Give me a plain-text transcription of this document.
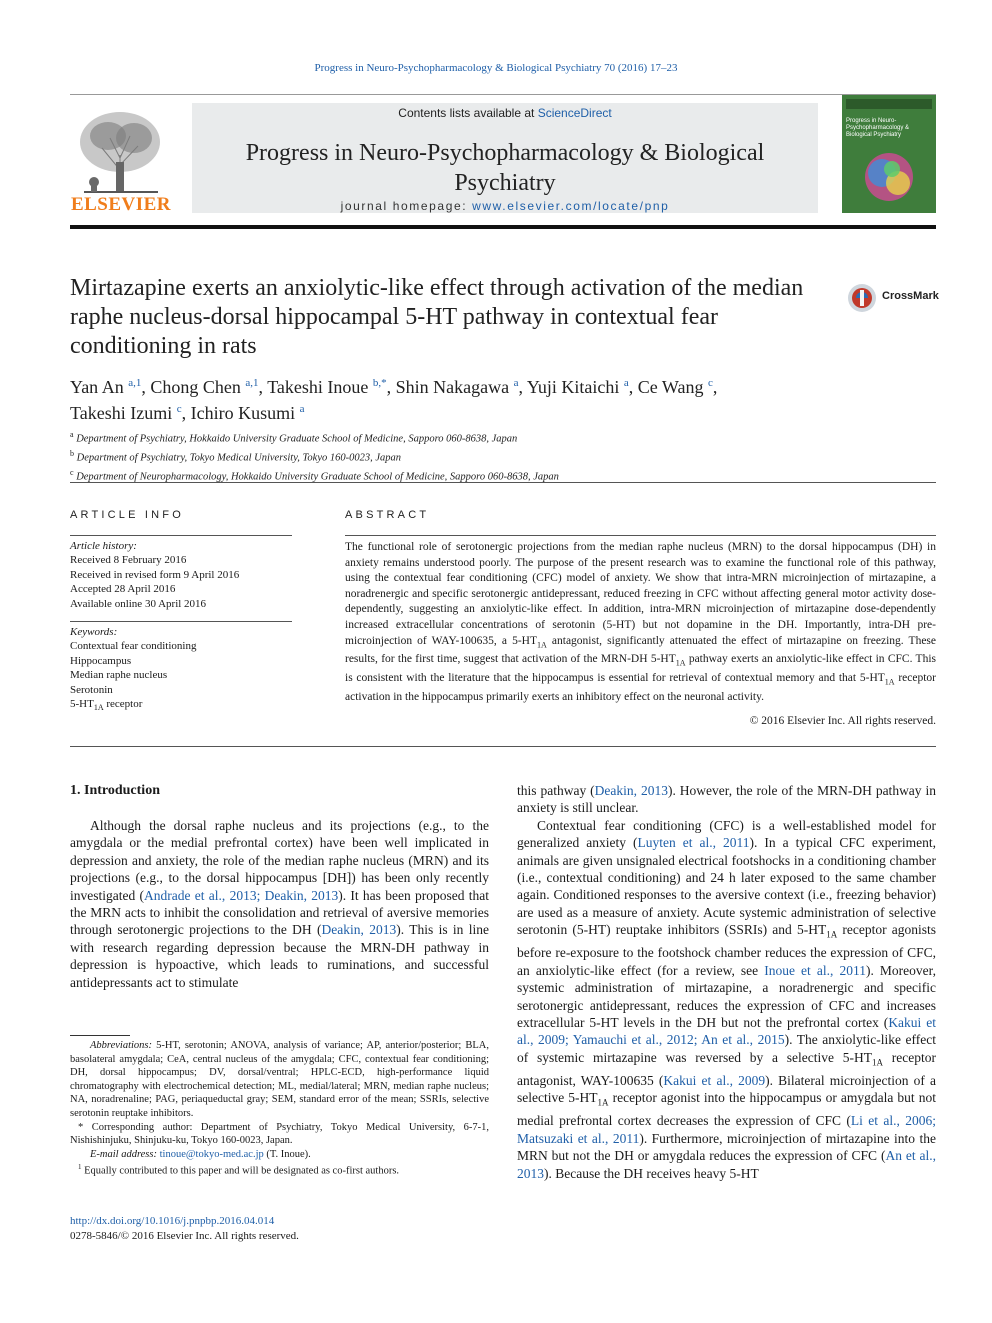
Progress in Neuro-Psychopharmacology & Biological Psychiatry 70 (2016) 17–23
ELSEVIER
Contents lists available at ScienceDirect
Progress in Neuro-Psychopharmacology & Biological Psychiatry
journal homepage: www.elsevier.com/locate/pnp
Progress in Neuro-Psychopharmacology & Biological Psychiatry
Mirtazapine exerts an anxiolytic-like effect through activation of the median raphe nucleus-dorsal hippocampal 5-HT pathway in contextual fear conditioning in rats
CrossMark
Yan An $^{a,1}$, Chong Chen $^{a,1}$, Takeshi Inoue $^{b,*}$, Shin Nakagawa $^a$, Yuji Kitaichi $^a$, Ce Wang $^c$,
Takeshi Izumi $^c$, Ichiro Kusumi $^a$
$^a$ Department of Psychiatry, Hokkaido University Graduate School of Medicine, Sapporo 060-8638, Japan
$^b$ Department of Psychiatry, Tokyo Medical University, Tokyo 160-0023, Japan
$^c$ Department of Neuropharmacology, Hokkaido University Graduate School of Medicine, Sapporo 060-8638, Japan
ARTICLE INFO
Article history:
Received 8 February 2016
Received in revised form 9 April 2016
Accepted 28 April 2016
Available online 30 April 2016
Keywords:
Contextual fear conditioning
Hippocampus
Median raphe nucleus
Serotonin
$5-HT_{1A}$ receptor
ABSTRACT
The functional role of serotonergic projections from the median raphe nucleus (MRN) to the dorsal hippocampus (DH) in anxiety remains understood poorly. The purpose of the present research was to examine the functional role of this pathway, using the contextual fear conditioning (CFC) model of anxiety. We show that intra-MRN microinjection of mirtazapine, a noradrenergic and specific serotonergic antidepressant, reduced freezing in CFC without affecting general motor activity dose-dependently, suggesting an anxiolytic-like effect. In addition, intra-MRN microinjection of mirtazapine dose-dependently increased extracellular concentrations of serotonin (5-HT) but not dopamine in the DH. Importantly, intra-DH pre-microinjection of WAY-100635, a $5-HT_{1A}$ antagonist, significantly attenuated the effect of mirtazapine on freezing. These results, for the first time, suggest that activation of the MRN-DH $5-HT_{1A}$ pathway exerts an anxiolytic-like effect in CFC. This is consistent with the literature that the hippocampus is essential for retrieval of contextual memory and that $5-HT_{1A}$ receptor activation in the hippocampus primarily exerts an inhibitory effect on the neuronal activity.
© 2016 Elsevier Inc. All rights reserved.
1. Introduction

Although the dorsal raphe nucleus and its projections (e.g., to the amygdala or the medial prefrontal cortex) have been well implicated in depression and anxiety, the role of the median raphe nucleus (MRN) and its projections (e.g., to the dorsal hippocampus [DH]) has been only recently investigated (Andrade et al., 2013; Deakin, 2013). It has been proposed that the MRN acts to inhibit the consolidation and retrieval of aversive memories through serotonergic projections to the DH (Deakin, 2013). This is in line with research regarding depression because the MRN-DH pathway in depression is hypoactive, which leads to ruminations, and successful antidepressants act to stimulate

Abbreviations: 5-HT, serotonin; ANOVA, analysis of variance; AP, anterior/posterior; BLA, basolateral amygdala; CeA, central nucleus of the amygdala; CFC, contextual fear conditioning; DH, dorsal hippocampus; DV, dorsal/ventral; HPLC-ECD, high-performance liquid chromatography with electrochemical detection; ML, medial/lateral; MRN, median raphe nucleus; NA, noradrenaline; PAG, periaqueductal gray; SEM, standard error of the mean; SSRIs, selective serotonin reuptake inhibitors.

* Corresponding author: Department of Psychiatry, Tokyo Medical University, 6-7-1, Nishishinjuku, Shinjuku-ku, Tokyo 160-0023, Japan.

E-mail address: tinoue@tokyo-med.ac.jp (T. Inoue).

$^1$ Equally contributed to this paper and will be designated as co-first authors.

this pathway (Deakin, 2013). However, the role of the MRN-DH pathway in anxiety is still unclear.

Contextual fear conditioning (CFC) is a well-established model for generalized anxiety (Luyten et al., 2011). In a typical CFC experiment, animals are given unsignaled electrical footshocks in a conditioning chamber (i.e., contextual conditioning) and 24 h later exposed to the same chamber again. Conditioned responses to the aversive context (i.e., freezing behavior) are used as a measure of anxiety. Acute systemic administration of selective serotonin (5-HT) reuptake inhibitors (SSRIs) and $5-HT_{1A}$ receptor agonists before re-exposure to the footshock chamber reduces the expression of CFC, an anxiolytic-like effect (for a review, see Inoue et al., 2011). Moreover, systemic administration of mirtazapine, a noradrenergic and specific serotonergic antidepressant, reduces the expression of CFC and increases extracellular 5-HT levels in the DH but not the prefrontal cortex (Kakui et al., 2009; Yamauchi et al., 2012; An et al., 2015). The anxiolytic-like effect of systemic mirtazapine was reversed by a selective $5-HT_{1A}$ receptor antagonist, WAY-100635 (Kakui et al., 2009). Bilateral microinjection of a selective $5-HT_{1A}$ receptor agonist into the hippocampus or amygdala but not medial prefrontal cortex decreases the expression of CFC (Li et al., 2006; Matsuzaki et al., 2011). Furthermore, microinjection of mirtazapine into the MRN but not the DH or amygdala reduces the expression of CFC (An et al., 2013). Because the DH receives heavy 5-HT

http://dx.doi.org/10.1016/j.pnpbp.2016.04.014
0278-5846/© 2016 Elsevier Inc. All rights reserved.
